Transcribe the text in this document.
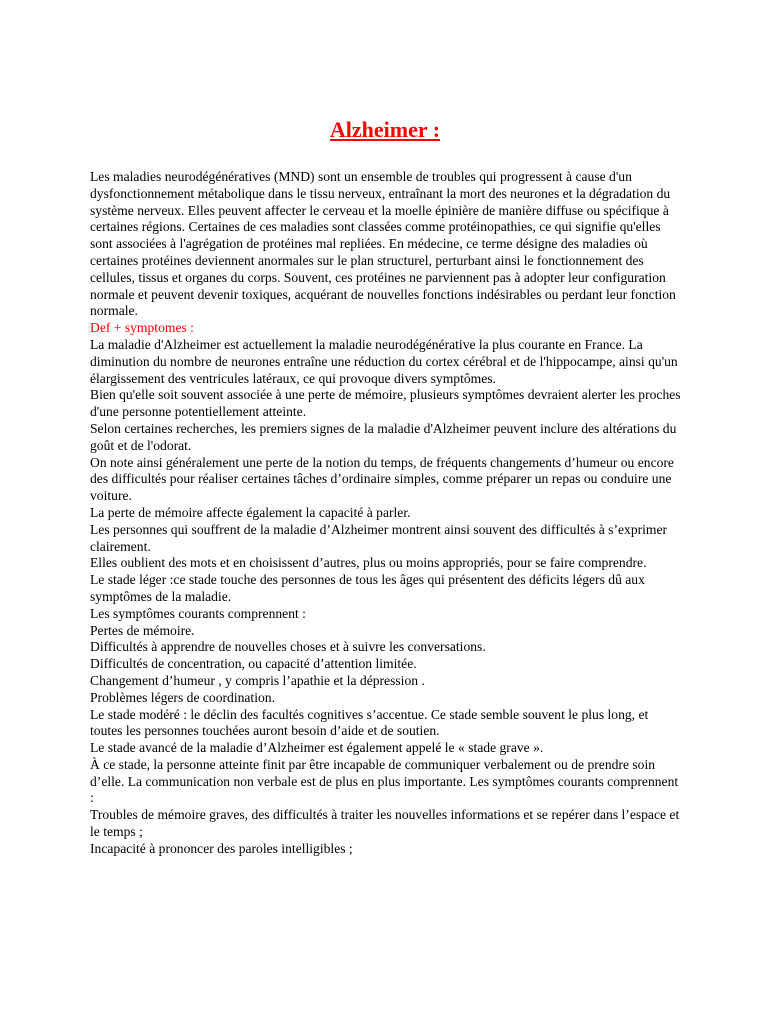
Alzheimer :

Les maladies neurodégénératives (MND) sont un ensemble de troubles qui progressent à cause d'un dysfonctionnement métabolique dans le tissu nerveux, entraînant la mort des neurones et la dégradation du système nerveux. Elles peuvent affecter le cerveau et la moelle épinière de manière diffuse ou spécifique à certaines régions. Certaines de ces maladies sont classées comme protéinopathies, ce qui signifie qu'elles sont associées à l'agrégation de protéines mal repliées. En médecine, ce terme désigne des maladies où certaines protéines deviennent anormales sur le plan structurel, perturbant ainsi le fonctionnement des cellules, tissus et organes du corps. Souvent, ces protéines ne parviennent pas à adopter leur configuration normale et peuvent devenir toxiques, acquérant de nouvelles fonctions indésirables ou perdant leur fonction normale.

Def + symptomes :

La maladie d'Alzheimer est actuellement la maladie neurodégénérative la plus courante en France. La diminution du nombre de neurones entraîne une réduction du cortex cérébral et de l'hippocampe, ainsi qu'un élargissement des ventricules latéraux, ce qui provoque divers symptômes.

Bien qu'elle soit souvent associée à une perte de mémoire, plusieurs symptômes devraient alerter les proches d'une personne potentiellement atteinte.

Selon certaines recherches, les premiers signes de la maladie d'Alzheimer peuvent inclure des altérations du goût et de l'odorat.

On note ainsi généralement une perte de la notion du temps, de fréquents changements d’humeur ou encore des difficultés pour réaliser certaines tâches d’ordinaire simples, comme préparer un repas ou conduire une voiture.

La perte de mémoire affecte également la capacité à parler.

Les personnes qui souffrent de la maladie d’Alzheimer montrent ainsi souvent des difficultés à s’exprimer clairement.

Elles oublient des mots et en choisissent d’autres, plus ou moins appropriés, pour se faire comprendre.

Le stade léger :ce stade touche des personnes de tous les âges qui présentent des déficits légers dû aux symptômes de la maladie.

Les symptômes courants comprennent :

Pertes de mémoire.

Difficultés à apprendre de nouvelles choses et à suivre les conversations.

Difficultés de concentration, ou capacité d’attention limitée.

Changement d’humeur , y compris l’apathie et la dépression .

Problèmes légers de coordination.

Le stade modéré : le déclin des facultés cognitives s’accentue. Ce stade semble souvent le plus long, et toutes les personnes touchées auront besoin d’aide et de soutien.

Le stade avancé de la maladie d’Alzheimer est également appelé le « stade grave ».

À ce stade, la personne atteinte finit par être incapable de communiquer verbalement ou de prendre soin d’elle. La communication non verbale est de plus en plus importante. Les symptômes courants comprennent :

Troubles de mémoire graves, des difficultés à traiter les nouvelles informations et se repérer dans l’espace et le temps ;

Incapacité à prononcer des paroles intelligibles ;
